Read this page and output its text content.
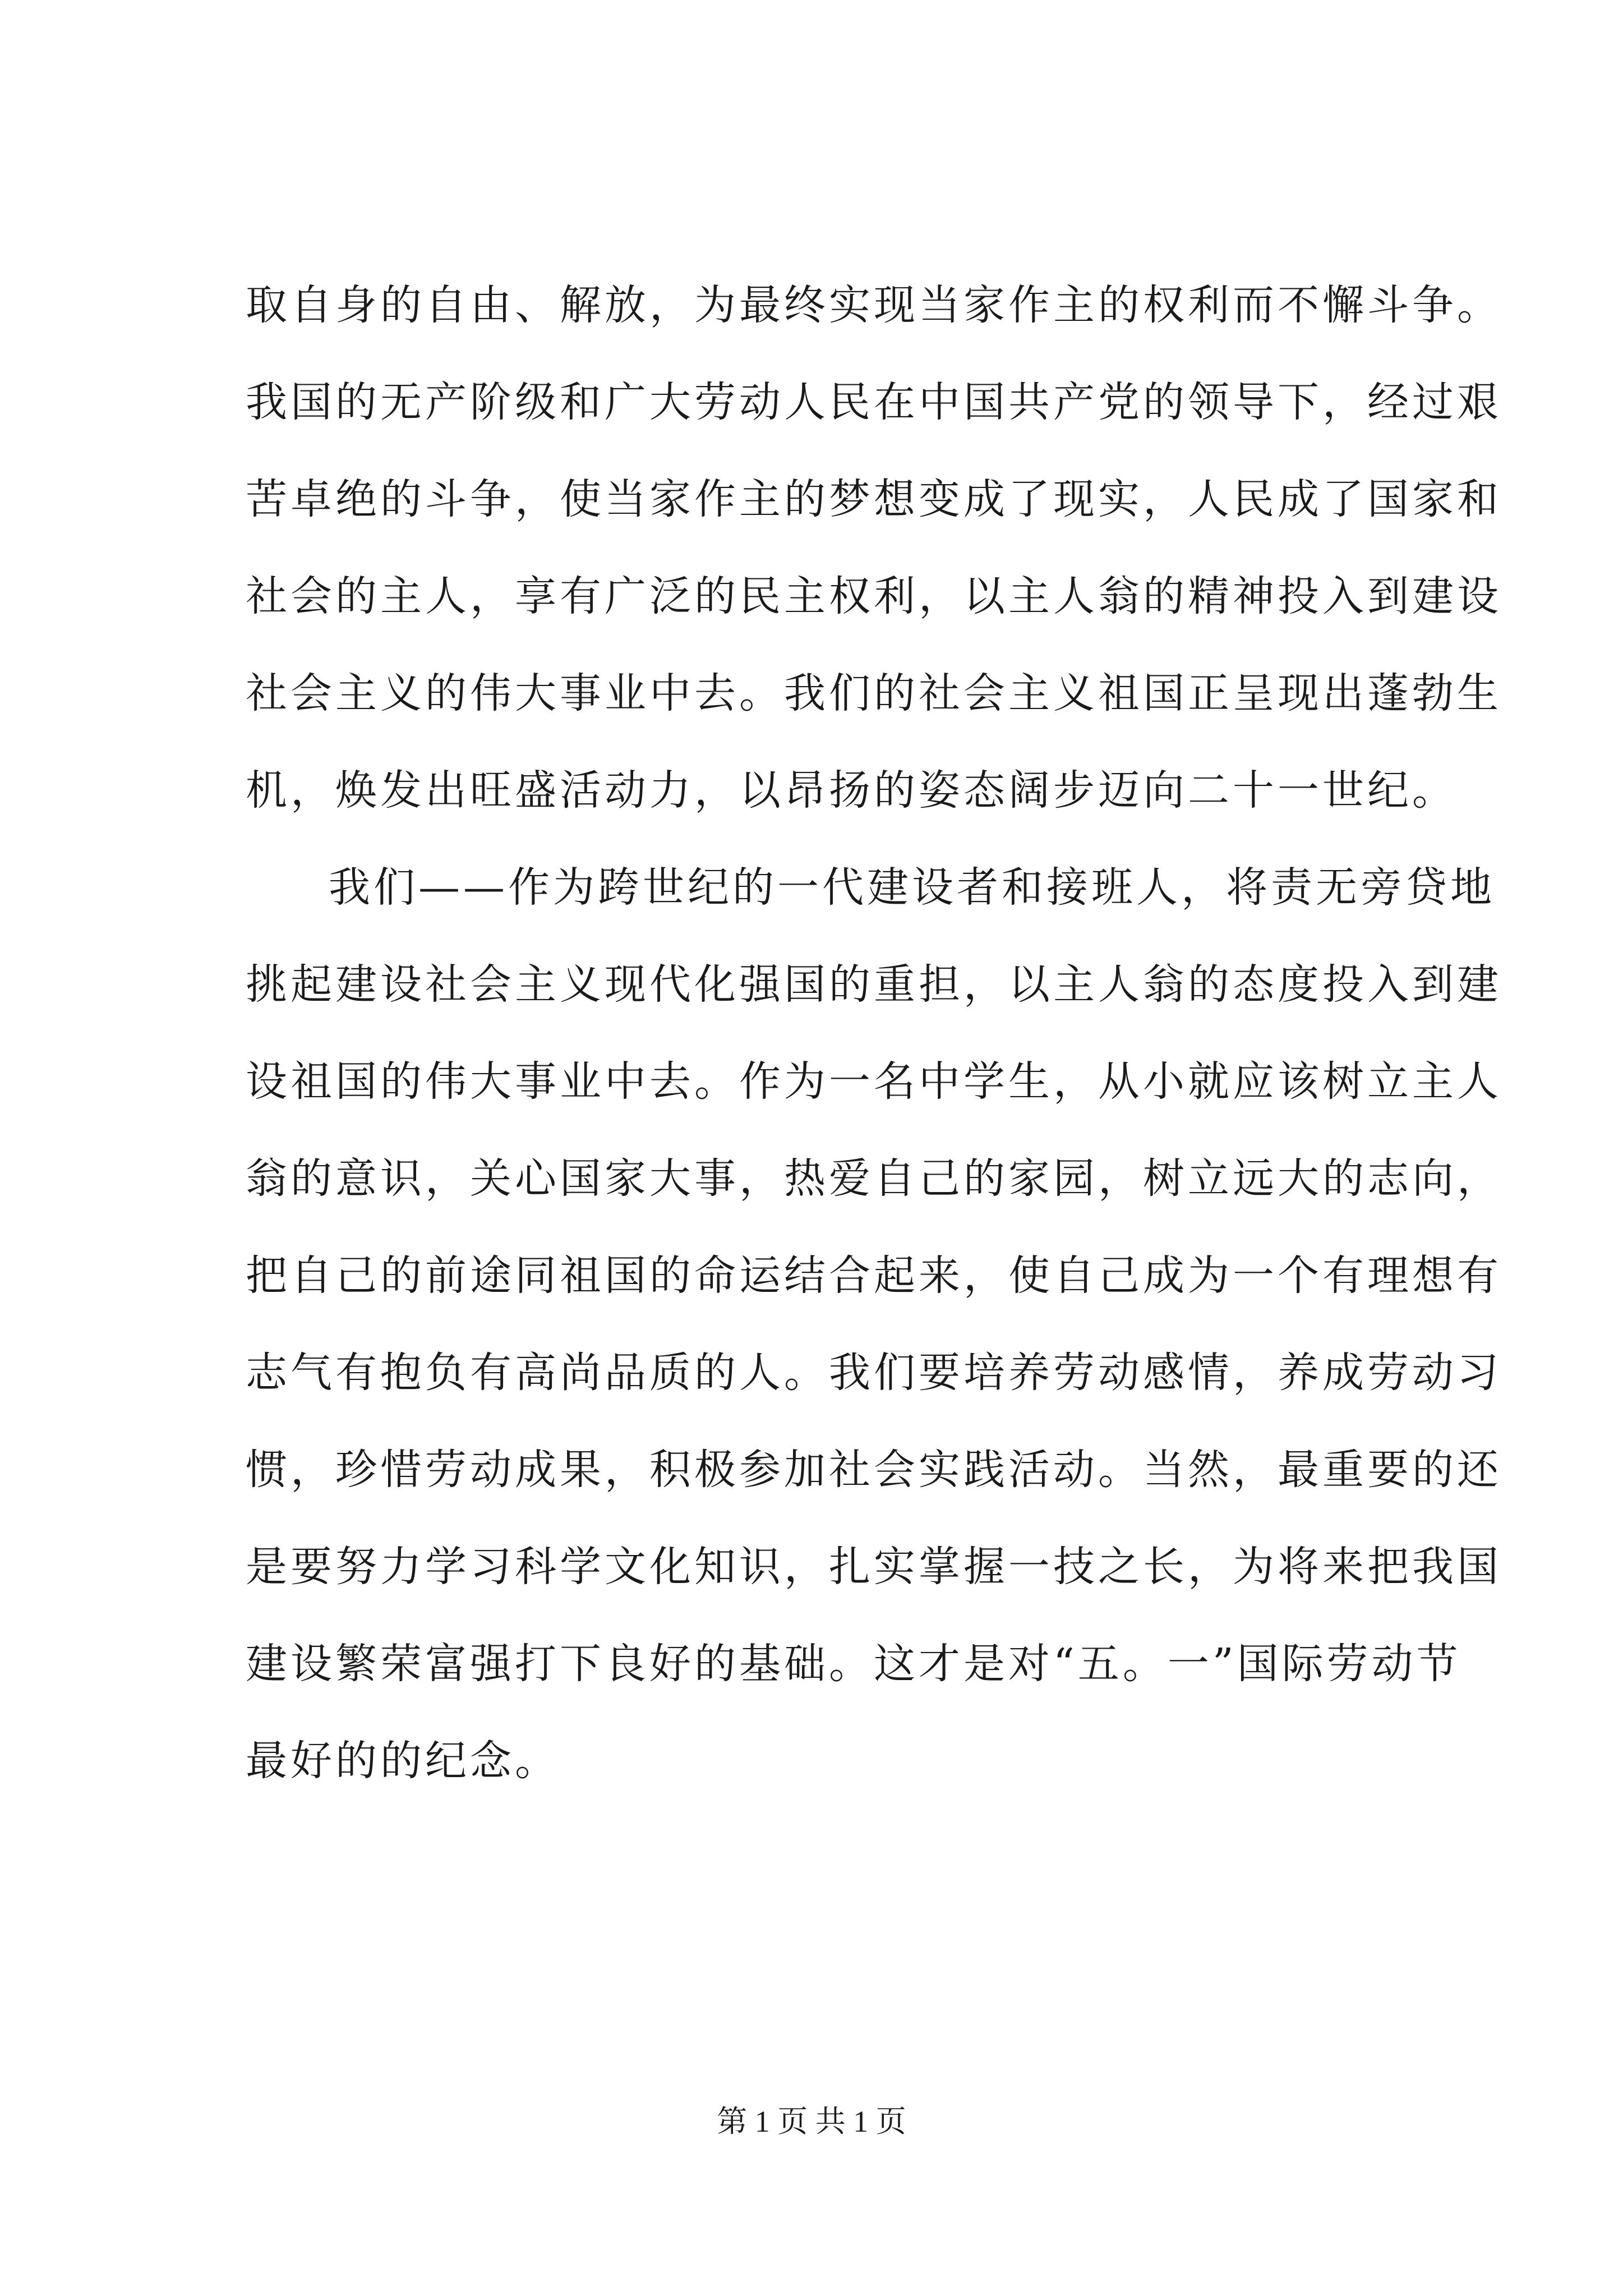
取自身的自由、解放，为最终实现当家作主的权利而不懈斗争。
我国的无产阶级和广大劳动人民在中国共产党的领导下，经过艰
苦卓绝的斗争，使当家作主的梦想变成了现实，人民成了国家和
社会的主人，享有广泛的民主权利，以主人翁的精神投入到建设
社会主义的伟大事业中去。我们的社会主义祖国正呈现出蓬勃生
机，焕发出旺盛活动力，以昂扬的姿态阔步迈向二十一世纪。
我们——作为跨世纪的一代建设者和接班人，将责无旁贷地
挑起建设社会主义现代化强国的重担，以主人翁的态度投入到建
设祖国的伟大事业中去。作为一名中学生，从小就应该树立主人
翁的意识，关心国家大事，热爱自己的家园，树立远大的志向，
把自己的前途同祖国的命运结合起来，使自己成为一个有理想有
志气有抱负有高尚品质的人。我们要培养劳动感情，养成劳动习
惯，珍惜劳动成果，积极参加社会实践活动。当然，最重要的还
是要努力学习科学文化知识，扎实掌握一技之长，为将来把我国
建设繁荣富强打下良好的基础。这才是对“五。一”国际劳动节
最好的的纪念。
第 1 页 共 1 页
